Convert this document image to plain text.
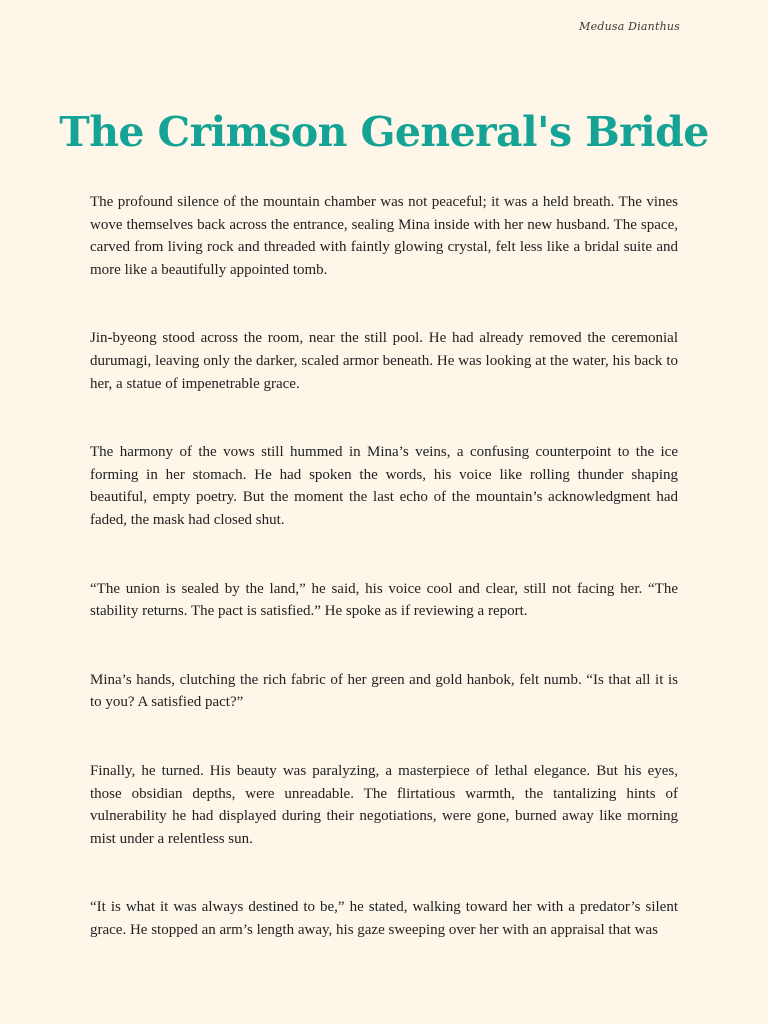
Medusa Dianthus
The Crimson General's Bride

The profound silence of the mountain chamber was not peaceful; it was a held breath. The vines wove themselves back across the entrance, sealing Mina inside with her new husband. The space, carved from living rock and threaded with faintly glowing crystal, felt less like a bridal suite and more like a beautifully appointed tomb.

Jin-byeong stood across the room, near the still pool. He had already removed the ceremonial durumagi, leaving only the darker, scaled armor beneath. He was looking at the water, his back to her, a statue of impenetrable grace.

The harmony of the vows still hummed in Mina’s veins, a confusing counterpoint to the ice forming in her stomach. He had spoken the words, his voice like rolling thunder shaping beautiful, empty poetry. But the moment the last echo of the mountain’s acknowledgment had faded, the mask had closed shut.

“The union is sealed by the land,” he said, his voice cool and clear, still not facing her. “The stability returns. The pact is satisfied.” He spoke as if reviewing a report.

Mina’s hands, clutching the rich fabric of her green and gold hanbok, felt numb. “Is that all it is to you? A satisfied pact?”

Finally, he turned. His beauty was paralyzing, a masterpiece of lethal elegance. But his eyes, those obsidian depths, were unreadable. The flirtatious warmth, the tantalizing hints of vulnerability he had displayed during their negotiations, were gone, burned away like morning mist under a relentless sun.

“It is what it was always destined to be,” he stated, walking toward her with a predator’s silent grace. He stopped an arm’s length away, his gaze sweeping over her with an appraisal that was
